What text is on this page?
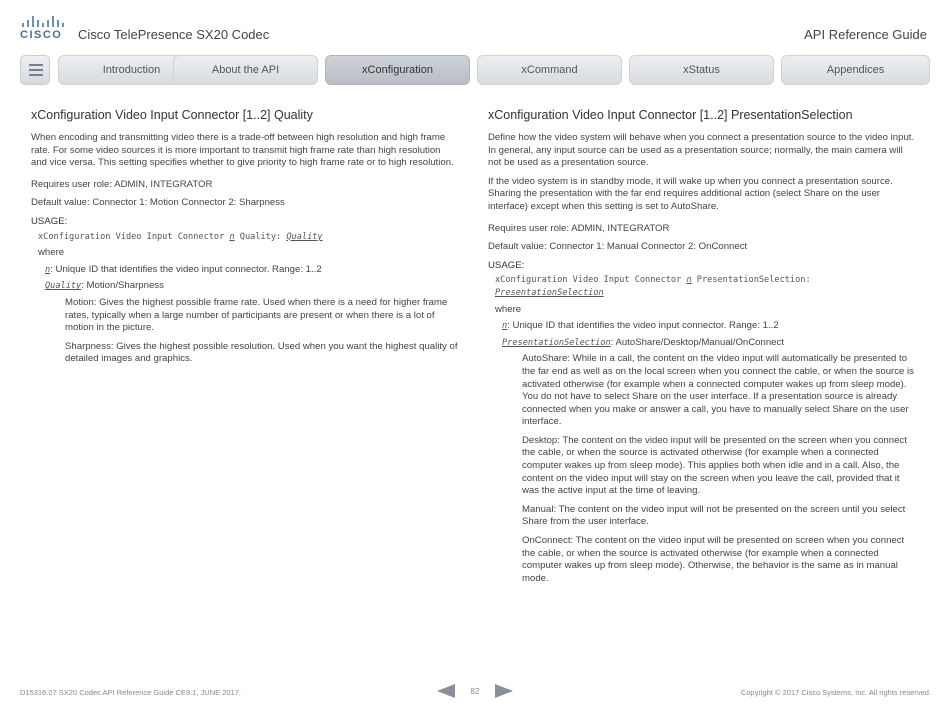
CISCO Cisco TelePresence SX20 Codec	API Reference Guide
Introduction	About the API	xConfiguration	xCommand	xStatus	Appendices
xConfiguration Video Input Connector [1..2] Quality

When encoding and transmitting video there is a trade-off between high resolution and high frame rate. For some video sources it is more important to transmit high frame rate than high resolution and vice versa. This setting specifies whether to give priority to high frame rate or to high resolution.

Requires user role: ADMIN, INTEGRATOR

Default value: Connector 1: Motion Connector 2: Sharpness

USAGE:
xConfiguration Video Input Connector n Quality: Quality
where
n: Unique ID that identifies the video input connector. Range: 1..2
Quality: Motion/Sharpness

Motion: Gives the highest possible frame rate. Used when there is a need for higher frame rates, typically when a large number of participants are present or when there is a lot of motion in the picture.

Sharpness: Gives the highest possible resolution. Used when you want the highest quality of detailed images and graphics.

xConfiguration Video Input Connector [1..2] PresentationSelection

Define how the video system will behave when you connect a presentation source to the video input. In general, any input source can be used as a presentation source; normally, the main camera will not be used as a presentation source.

If the video system is in standby mode, it will wake up when you connect a presentation source. Sharing the presentation with the far end requires additional action (select Share on the user interface) except when this setting is set to AutoShare.

Requires user role: ADMIN, INTEGRATOR

Default value: Connector 1: Manual Connector 2: OnConnect

USAGE:
xConfiguration Video Input Connector n PresentationSelection:
PresentationSelection
where
n: Unique ID that identifies the video input connector. Range: 1..2
PresentationSelection: AutoShare/Desktop/Manual/OnConnect

AutoShare: While in a call, the content on the video input will automatically be presented to the far end as well as on the local screen when you connect the cable, or when the source is activated otherwise (for example when a connected computer wakes up from sleep mode). You do not have to select Share on the user interface. If a presentation source is already connected when you make or answer a call, you have to manually select Share on the user interface.

Desktop: The content on the video input will be presented on the screen when you connect the cable, or when the source is activated otherwise (for example when a connected computer wakes up from sleep mode). This applies both when idle and in a call. Also, the content on the video input will stay on the screen when you leave the call, provided that it was the active input at the time of leaving.

Manual: The content on the video input will not be presented on the screen until you select Share from the user interface.

OnConnect: The content on the video input will be presented on screen when you connect the cable, or when the source is activated otherwise (for example when a connected computer wakes up from sleep mode). Otherwise, the behavior is the same as in manual mode.

D15316.07 SX20 Codec API Reference Guide CE9.1, JUNE 2017.	82	Copyright © 2017 Cisco Systems, Inc. All rights reserved.
